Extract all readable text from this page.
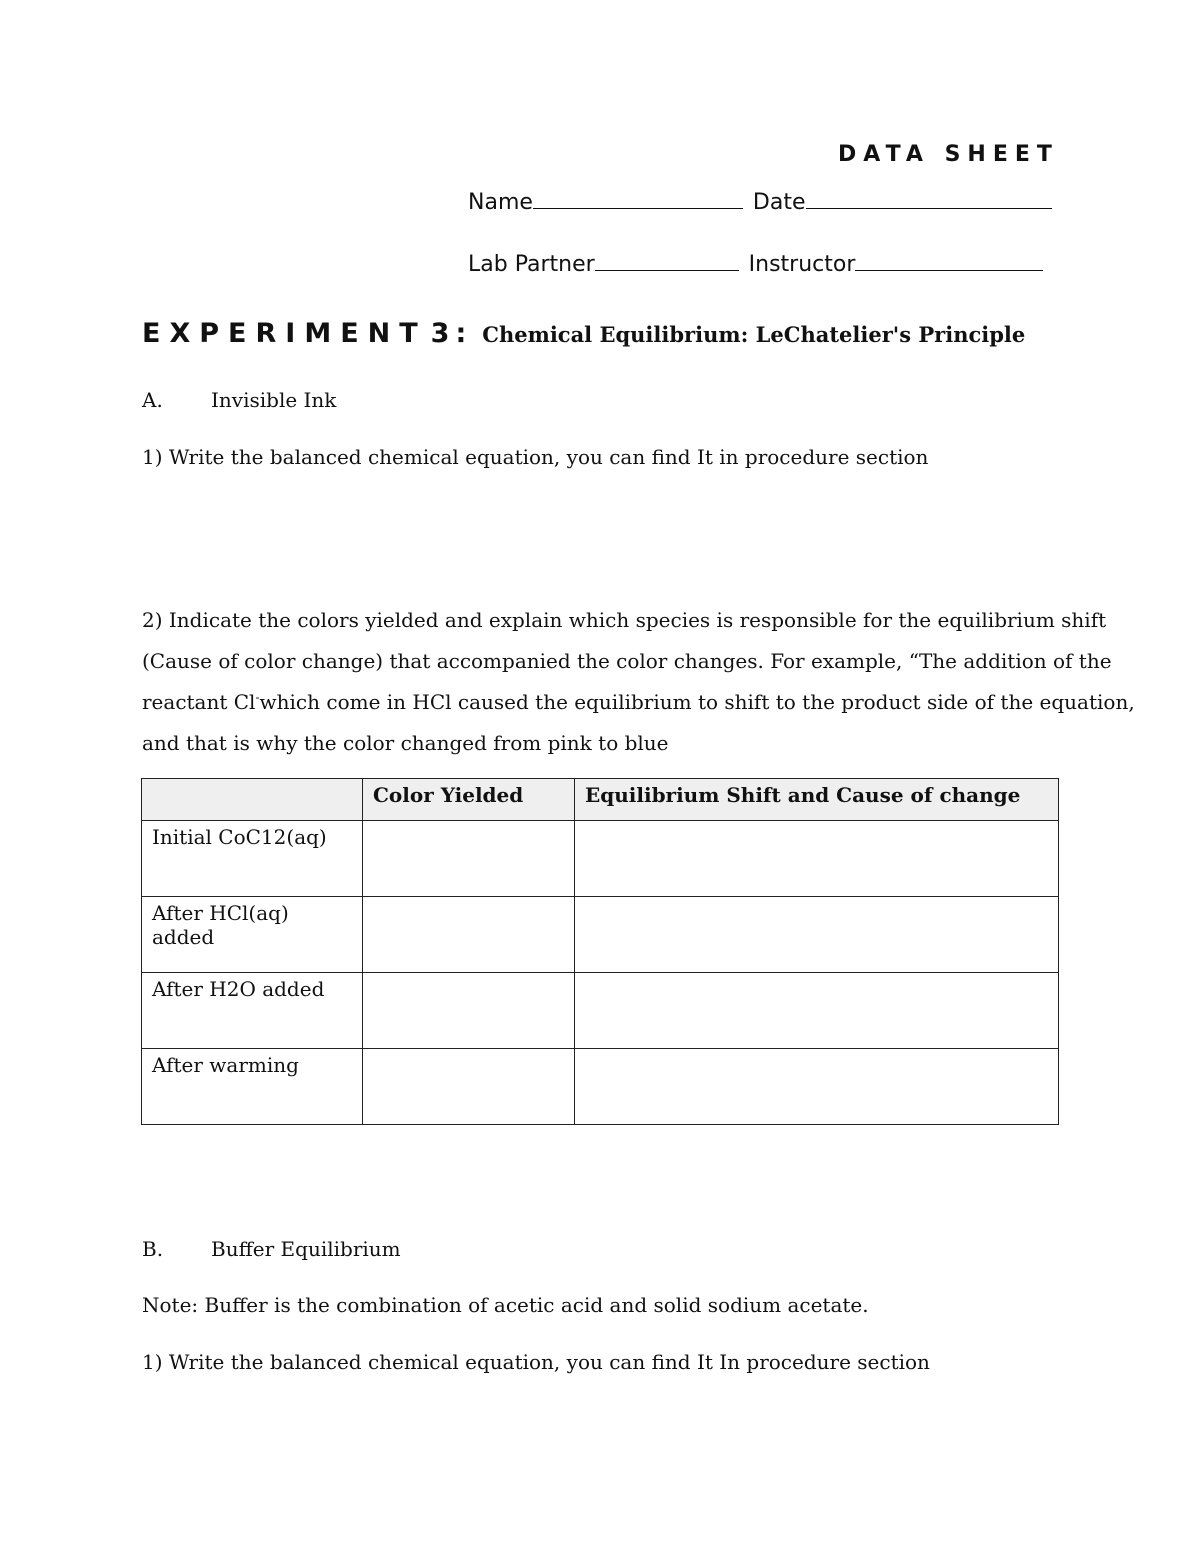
DATA SHEET
Name	Date
Lab Partner	Instructor
EXPERIMENT 3: Chemical Equilibrium: LeChatelier's Principle
A. Invisible Ink
1) Write the balanced chemical equation, you can find It in procedure section
2) Indicate the colors yielded and explain which species is responsible for the equilibrium shift
(Cause of color change) that accompanied the color changes. For example, “The addition of the
reactant Cl-which come in HCl caused the equilibrium to shift to the product side of the equation,
and that is why the color changed from pink to blue
	Color Yielded	Equilibrium Shift and Cause of change
Initial CoC12(aq)		
After HCl(aq) added		
After H2O added		
After warming		
B. Buffer Equilibrium
Note: Buffer is the combination of acetic acid and solid sodium acetate.
1) Write the balanced chemical equation, you can find It In procedure section
